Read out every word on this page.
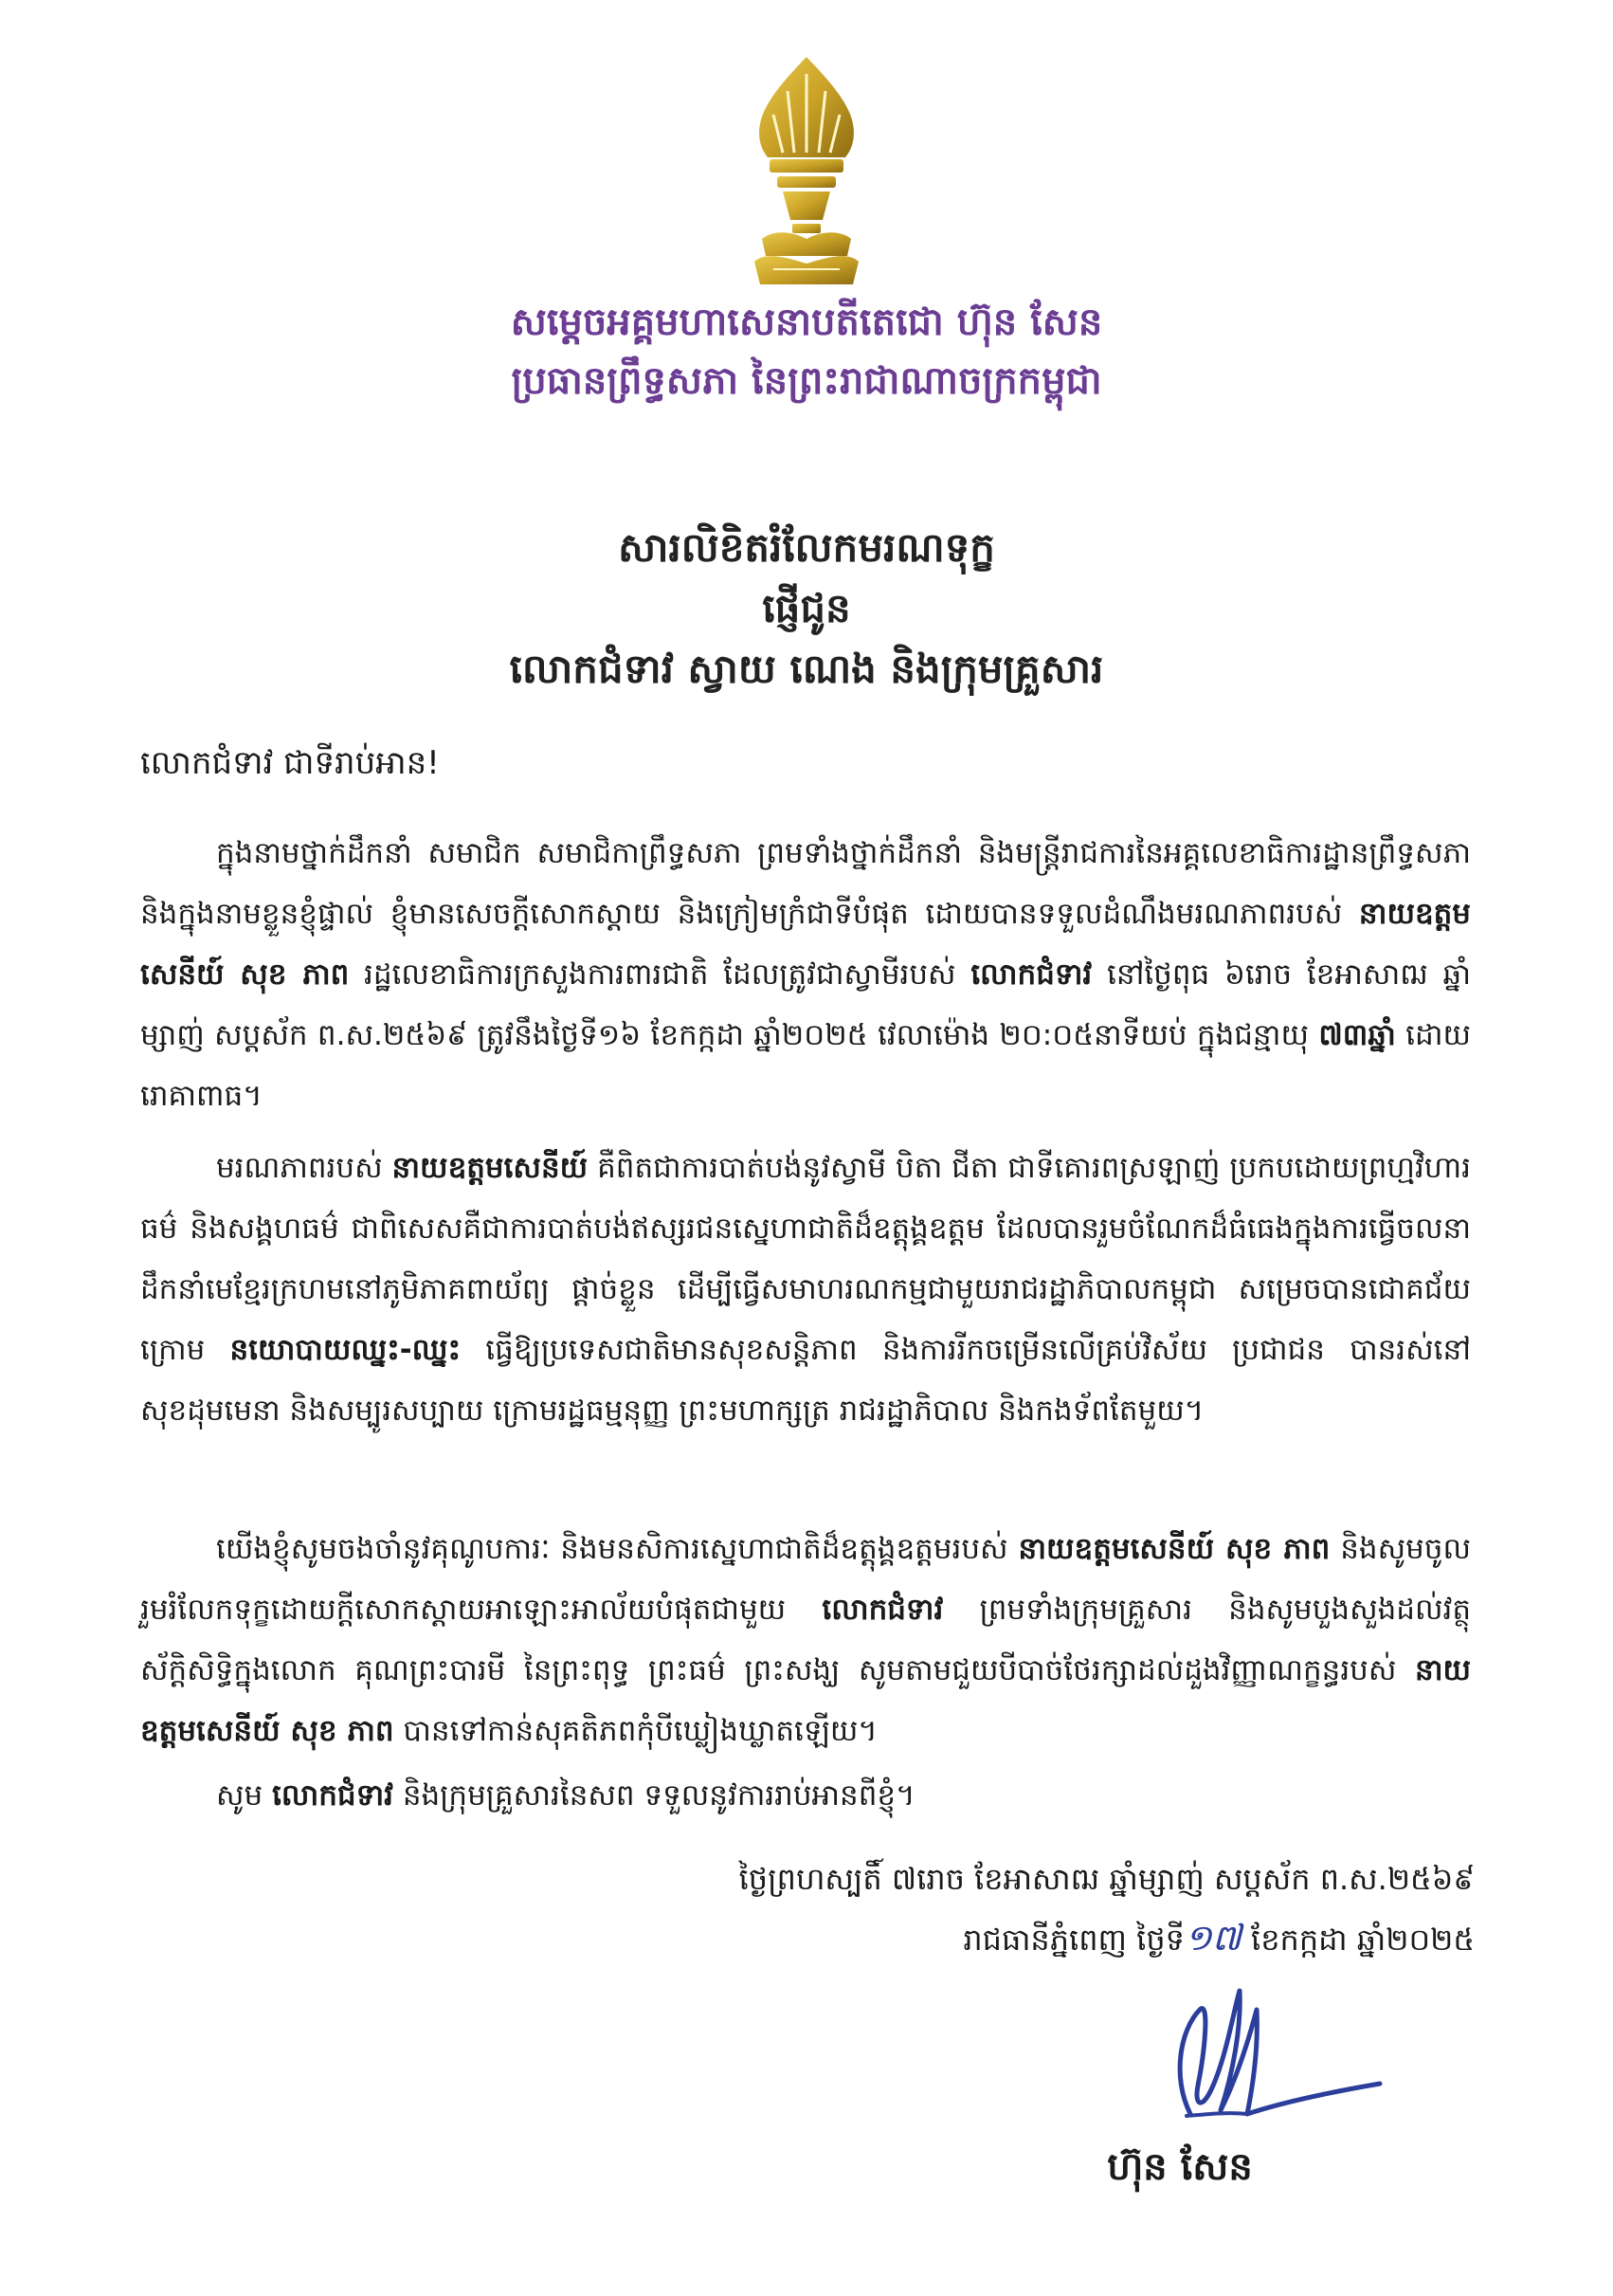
សម្តេចអគ្គមហាសេនាបតីតេជោ ហ៊ុន សែន
ប្រធានព្រឹទ្ធសភា នៃព្រះរាជាណាចក្រកម្ពុជា
សារលិខិតរំលែកមរណទុក្ខ
ផ្ញើជូន
លោកជំទាវ ស្វាយ ណេង និងក្រុមគ្រួសារ
លោកជំទាវ ជាទីរាប់អាន!
ក្នុងនាមថ្នាក់ដឹកនាំ សមាជិក សមាជិកាព្រឹទ្ធសភា ព្រមទាំងថ្នាក់ដឹកនាំ និងមន្ត្រីរាជការនៃអគ្គលេខាធិការដ្ឋានព្រឹទ្ធសភា និងក្នុងនាមខ្លួនខ្ញុំផ្ទាល់ ខ្ញុំមានសេចក្តីសោកស្តាយ និងក្រៀមក្រំជាទីបំផុត ដោយបានទទួលដំណឹងមរណភាពរបស់ នាយឧត្តមសេនីយ៍ សុខ ភាព រដ្ឋលេខាធិការក្រសួងការពារជាតិ ដែលត្រូវជាស្វាមីរបស់ លោកជំទាវ នៅថ្ងៃពុធ ៦រោច ខែអាសាឍ ឆ្នាំម្សាញ់ សប្តស័ក ព.ស.២៥៦៩ ត្រូវនឹងថ្ងៃទី១៦ ខែកក្កដា ឆ្នាំ២០២៥ វេលាម៉ោង ២០:០៥នាទីយប់ ក្នុងជន្មាយុ ៧៣ឆ្នាំ ដោយរោគាពាធ។
មរណភាពរបស់ នាយឧត្តមសេនីយ៍ គឺពិតជាការបាត់បង់នូវស្វាមី បិតា ជីតា ជាទីគោរពស្រឡាញ់ ប្រកបដោយព្រហ្មវិហារធម៌ និងសង្គហធម៌ ជាពិសេសគឺជាការបាត់បង់ឥស្សរជនស្នេហាជាតិដ៏ឧត្តុង្គឧត្តម ដែលបានរួមចំណែកដ៏ធំធេងក្នុងការធ្វើចលនាដឹកនាំមេខ្មែរក្រហមនៅភូមិភាគពាយ័ព្យ ផ្តាច់ខ្លួន ដើម្បីធ្វើសមាហរណកម្មជាមួយរាជរដ្ឋាភិបាលកម្ពុជា សម្រេចបានជោគជ័យក្រោម នយោបាយឈ្នះ-ឈ្នះ ធ្វើឱ្យប្រទេសជាតិមានសុខសន្តិភាព និងការរីកចម្រើនលើគ្រប់វិស័យ ប្រជាជន បានរស់នៅសុខដុមមេនា និងសម្បូរសប្បាយ ក្រោមរដ្ឋធម្មនុញ្ញ ព្រះមហាក្សត្រ រាជរដ្ឋាភិបាល និងកងទ័ពតែមួយ។
យើងខ្ញុំសូមចងចាំនូវគុណូបការៈ និងមនសិការស្នេហាជាតិដ៏ឧត្តុង្គឧត្តមរបស់ នាយឧត្តមសេនីយ៍ សុខ ភាព និងសូមចូលរួមរំលែកទុក្ខដោយក្តីសោកស្តាយអាឡោះអាល័យបំផុតជាមួយ លោកជំទាវ ព្រមទាំងក្រុមគ្រួសារ និងសូមបួងសួងដល់វត្ថុស័ក្តិសិទ្ធិក្នុងលោក គុណព្រះបារមី នៃព្រះពុទ្ធ ព្រះធម៌ ព្រះសង្ឃ សូមតាមជួយបីបាច់ថែរក្សាដល់ដួងវិញ្ញាណក្ខន្ធរបស់ នាយឧត្តមសេនីយ៍ សុខ ភាព បានទៅកាន់សុគតិភពកុំបីឃ្លៀងឃ្លាតឡើយ។
សូម លោកជំទាវ និងក្រុមគ្រួសារនៃសព ទទួលនូវការរាប់អានពីខ្ញុំ។
ថ្ងៃព្រហស្បតិ៍ ៧រោច ខែអាសាឍ ឆ្នាំម្សាញ់ សប្តស័ក ព.ស.២៥៦៩
រាជធានីភ្នំពេញ ថ្ងៃទី១៧ ខែកក្កដា ឆ្នាំ២០២៥
ហ៊ុន សែន
